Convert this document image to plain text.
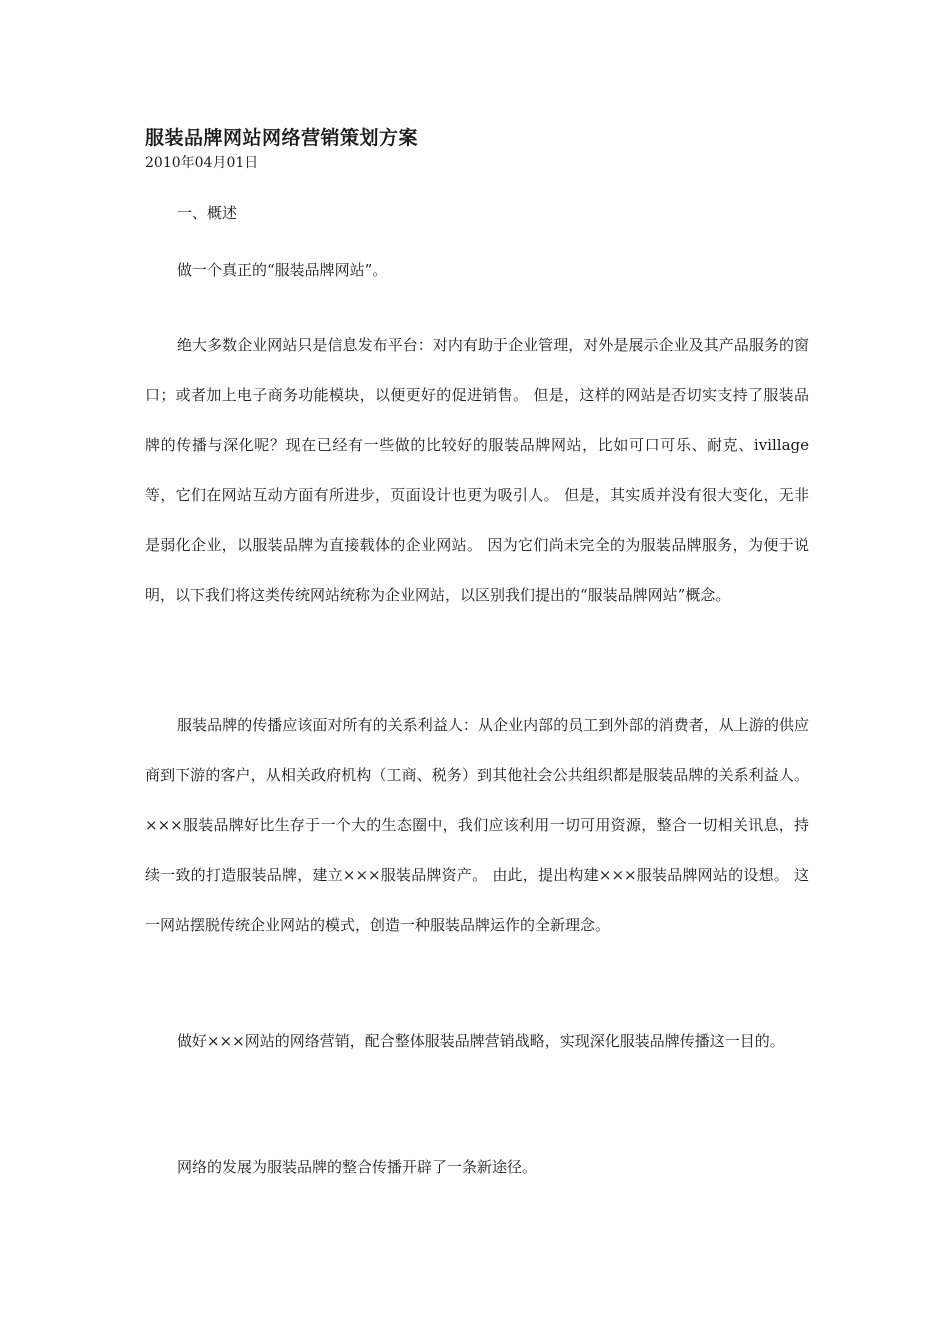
服装品牌网站网络营销策划方案
2010年04月01日

一、概述

做一个真正的“服装品牌网站”。

绝大多数企业网站只是信息发布平台：对内有助于企业管理，对外是展示企业及其产品服务的窗口；或者加上电子商务功能模块，以便更好的促进销售。 但是，这样的网站是否切实支持了服装品牌的传播与深化呢？现在已经有一些做的比较好的服装品牌网站，比如可口可乐、耐克、ivillage等，它们在网站互动方面有所进步，页面设计也更为吸引人。 但是，其实质并没有很大变化，无非是弱化企业，以服装品牌为直接载体的企业网站。 因为它们尚未完全的为服装品牌服务，为便于说明，以下我们将这类传统网站统称为企业网站，以区别我们提出的“服装品牌网站”概念。

服装品牌的传播应该面对所有的关系利益人：从企业内部的员工到外部的消费者，从上游的供应商到下游的客户，从相关政府机构（工商、税务）到其他社会公共组织都是服装品牌的关系利益人。 ×××服装品牌好比生存于一个大的生态圈中，我们应该利用一切可用资源，整合一切相关讯息，持续一致的打造服装品牌，建立×××服装品牌资产。 由此，提出构建×××服装品牌网站的设想。 这一网站摆脱传统企业网站的模式，创造一种服装品牌运作的全新理念。

做好×××网站的网络营销，配合整体服装品牌营销战略，实现深化服装品牌传播这一目的。

网络的发展为服装品牌的整合传播开辟了一条新途径。
